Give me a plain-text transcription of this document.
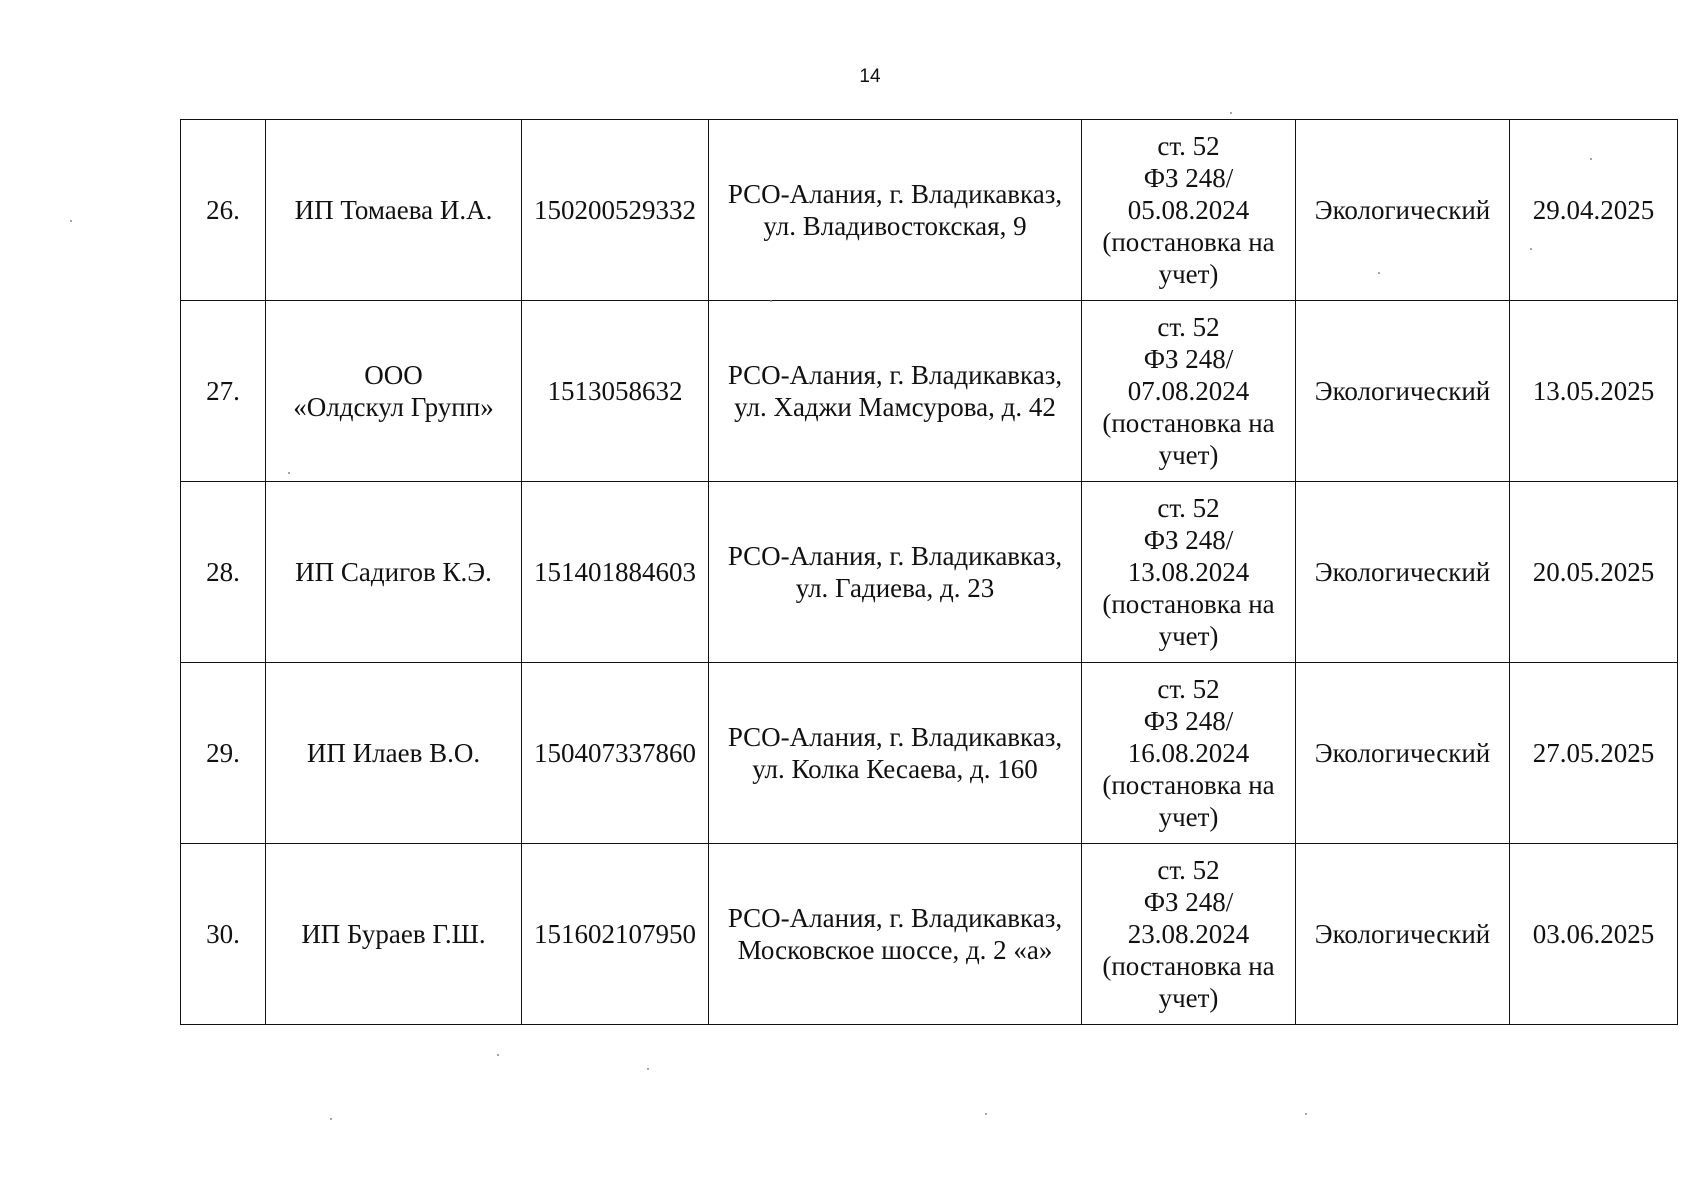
14
26.	ИП Томаева И.А.	150200529332	РСО-Алания, г. Владикавказ,
ул. Владивостокская, 9	ст. 52
ФЗ 248/
05.08.2024
(постановка на
учет)	Экологический	29.04.2025
27.	ООО
«Олдскул Групп»	1513058632	РСО-Алания, г. Владикавказ,
ул. Хаджи Мамсурова, д. 42	ст. 52
ФЗ 248/
07.08.2024
(постановка на
учет)	Экологический	13.05.2025
28.	ИП Садигов К.Э.	151401884603	РСО-Алания, г. Владикавказ,
ул. Гадиева, д. 23	ст. 52
ФЗ 248/
13.08.2024
(постановка на
учет)	Экологический	20.05.2025
29.	ИП Илаев В.О.	150407337860	РСО-Алания, г. Владикавказ,
ул. Колка Кесаева, д. 160	ст. 52
ФЗ 248/
16.08.2024
(постановка на
учет)	Экологический	27.05.2025
30.	ИП Бураев Г.Ш.	151602107950	РСО-Алания, г. Владикавказ,
Московское шоссе, д. 2 «а»	ст. 52
ФЗ 248/
23.08.2024
(постановка на
учет)	Экологический	03.06.2025
